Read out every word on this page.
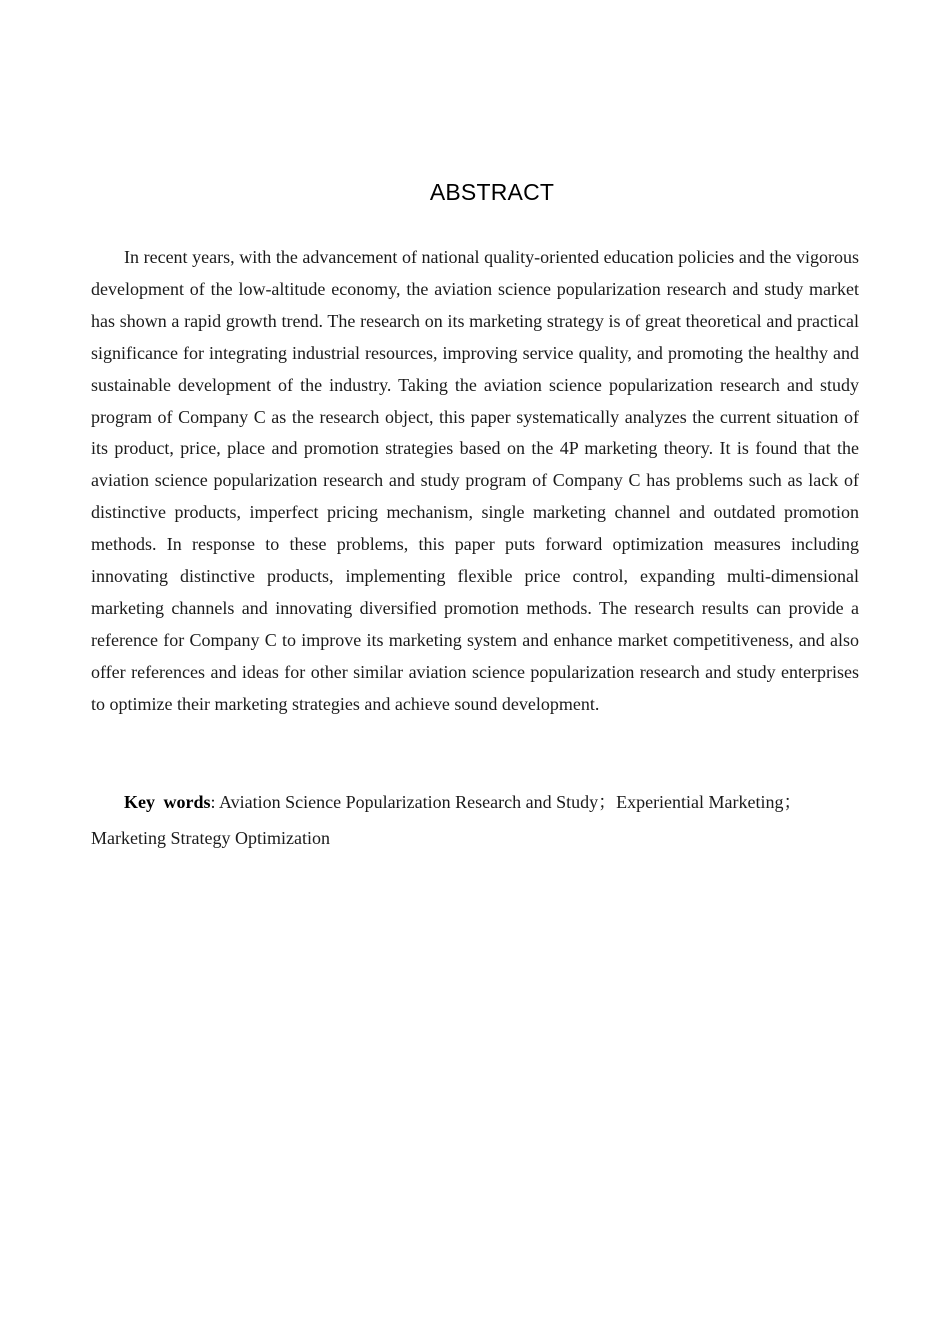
ABSTRACT

In recent years, with the advancement of national quality-oriented education policies and the vigorous development of the low-altitude economy, the aviation science popularization research and study market has shown a rapid growth trend. The research on its marketing strategy is of great theoretical and practical significance for integrating industrial resources, improving service quality, and promoting the healthy and sustainable development of the industry. Taking the aviation science popularization research and study program of Company C as the research object, this paper systematically analyzes the current situation of its product, price, place and promotion strategies based on the 4P marketing theory. It is found that the aviation science popularization research and study program of Company C has problems such as lack of distinctive products, imperfect pricing mechanism, single marketing channel and outdated promotion methods. In response to these problems, this paper puts forward optimization measures including innovating distinctive products, implementing flexible price control, expanding multi-dimensional marketing channels and innovating diversified promotion methods. The research results can provide a reference for Company C to improve its marketing system and enhance market competitiveness, and also offer references and ideas for other similar aviation science popularization research and study enterprises to optimize their marketing strategies and achieve sound development.

Key words: Aviation Science Popularization Research and Study；Experiential Marketing；Marketing Strategy Optimization
